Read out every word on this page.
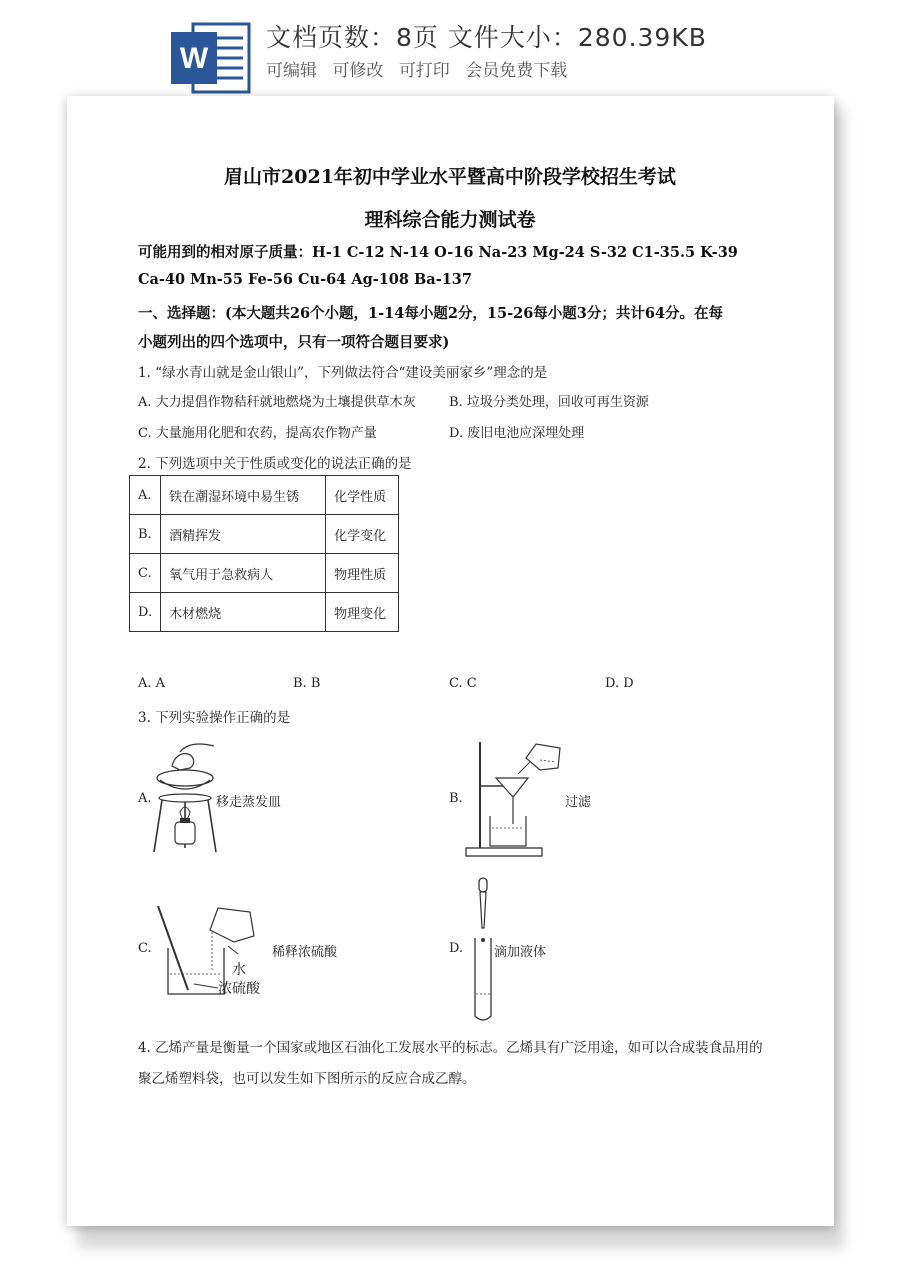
W
文档页数：8页 文件大小：280.39KB
可编辑 可修改 可打印 会员免费下载
眉山市2021年初中学业水平暨高中阶段学校招生考试
理科综合能力测试卷
可能用到的相对原子质量：H-1 C-12 N-14 O-16 Na-23 Mg-24 S-32 C1-35.5 K-39
Ca-40 Mn-55 Fe-56 Cu-64 Ag-108 Ba-137
一、选择题：(本大题共26个小题，1-14每小题2分，15-26每小题3分；共计64分。在每
小题列出的四个选项中，只有一项符合题目要求)
1. “绿水青山就是金山银山”，下列做法符合“建设美丽家乡”理念的是
A. 大力提倡作物秸秆就地燃烧为土壤提供草木灰	B. 垃圾分类处理，回收可再生资源
C. 大量施用化肥和农药，提高农作物产量	D. 废旧电池应深埋处理
2. 下列选项中关于性质或变化的说法正确的是
A.	铁在潮湿环境中易生锈	化学性质
B.	酒精挥发	化学变化
C.	氧气用于急救病人	物理性质
D.	木材燃烧	物理变化
A. A	B. B	C. C	D. D
3. 下列实验操作正确的是
A.	移走蒸发皿	B.	过滤
C.
水
浓硫酸
稀释浓硫酸	D. 滴加液体
4. 乙烯产量是衡量一个国家或地区石油化工发展水平的标志。乙烯具有广泛用途，如可以合成装食品用的
聚乙烯塑料袋，也可以发生如下图所示的反应合成乙醇。
